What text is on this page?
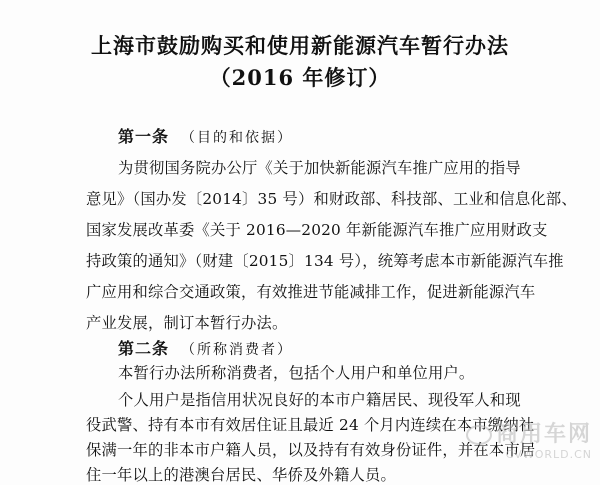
上海市鼓励购买和使用新能源汽车暂行办法
（2016 年修订）
第一条 （目的和依据）
为贯彻国务院办公厅《关于加快新能源汽车推广应用的指导
意见》（国办发〔2014〕35 号）和财政部、科技部、工业和信息化部、
国家发展改革委《关于 2016—2020 年新能源汽车推广应用财政支
持政策的通知》（财建〔2015〕134 号），统筹考虑本市新能源汽车推
广应用和综合交通政策，有效推进节能减排工作，促进新能源汽车
产业发展，制订本暂行办法。
第二条 （所称消费者）
本暂行办法所称消费者，包括个人用户和单位用户。
个人用户是指信用状况良好的本市户籍居民、现役军人和现
役武警、持有本市有效居住证且最近 24 个月内连续在本市缴纳社
保满一年的非本市户籍人员，以及持有有效身份证件，并在本市居
住一年以上的港澳台居民、华侨及外籍人员。
商用车网
CVWORLD.CN
